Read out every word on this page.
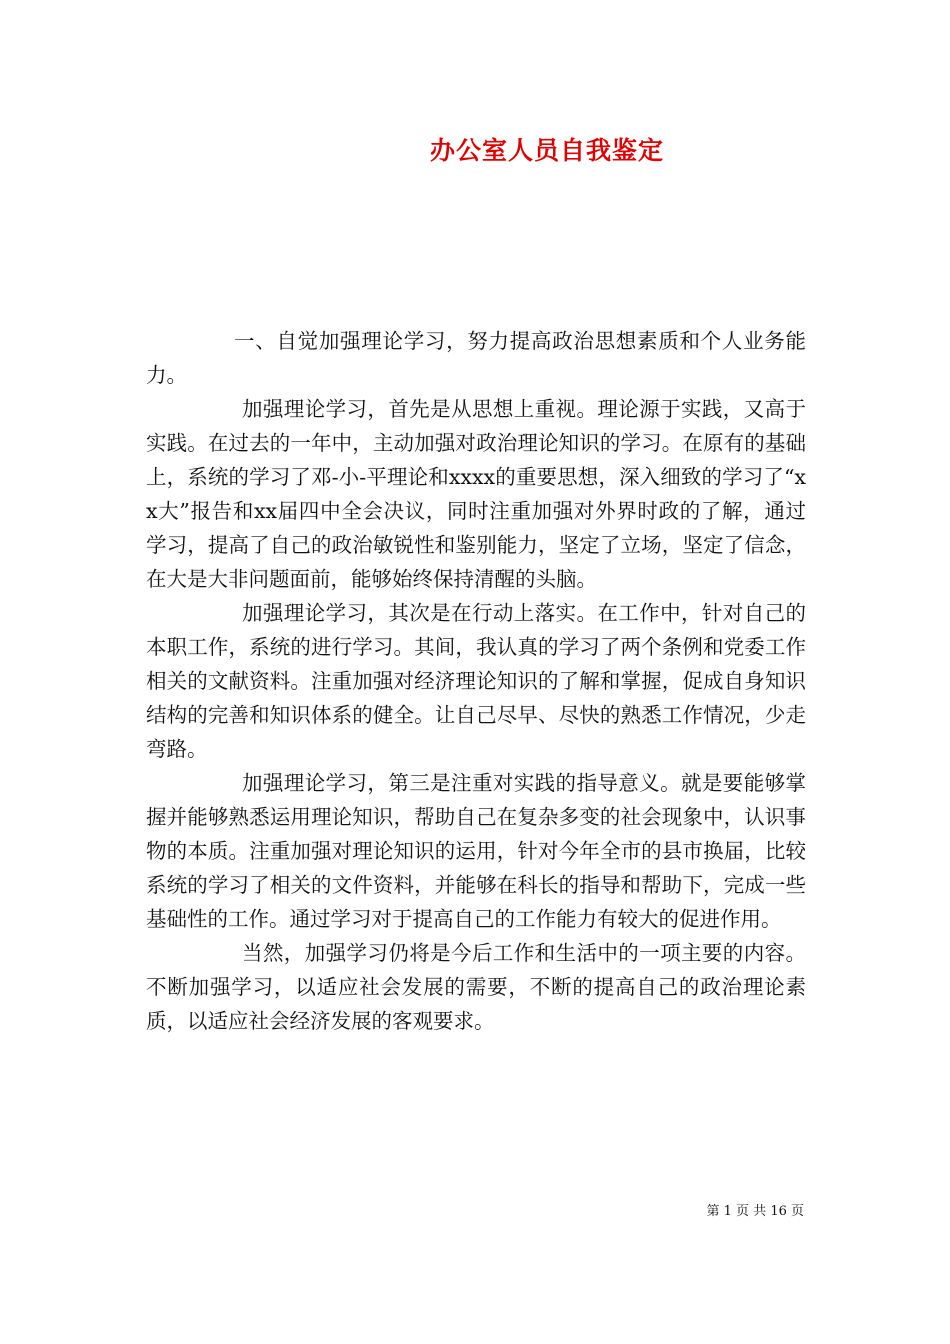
办公室人员自我鉴定

一、自觉加强理论学习，努力提高政治思想素质和个人业务能力。

加强理论学习，首先是从思想上重视。理论源于实践，又高于实践。在过去的一年中，主动加强对政治理论知识的学习。在原有的基础上，系统的学习了邓-小-平理论和xxxx的重要思想，深入细致的学习了“xx大”报告和xx届四中全会决议，同时注重加强对外界时政的了解，通过学习，提高了自己的政治敏锐性和鉴别能力，坚定了立场，坚定了信念，在大是大非问题面前，能够始终保持清醒的头脑。

加强理论学习，其次是在行动上落实。在工作中，针对自己的本职工作，系统的进行学习。其间，我认真的学习了两个条例和党委工作相关的文献资料。注重加强对经济理论知识的了解和掌握，促成自身知识结构的完善和知识体系的健全。让自己尽早、尽快的熟悉工作情况，少走弯路。

加强理论学习，第三是注重对实践的指导意义。就是要能够掌握并能够熟悉运用理论知识，帮助自己在复杂多变的社会现象中，认识事物的本质。注重加强对理论知识的运用，针对今年全市的县市换届，比较系统的学习了相关的文件资料，并能够在科长的指导和帮助下，完成一些基础性的工作。通过学习对于提高自己的工作能力有较大的促进作用。

当然，加强学习仍将是今后工作和生活中的一项主要的内容。不断加强学习，以适应社会发展的需要，不断的提高自己的政治理论素质，以适应社会经济发展的客观要求。

第 1 页 共 16 页
